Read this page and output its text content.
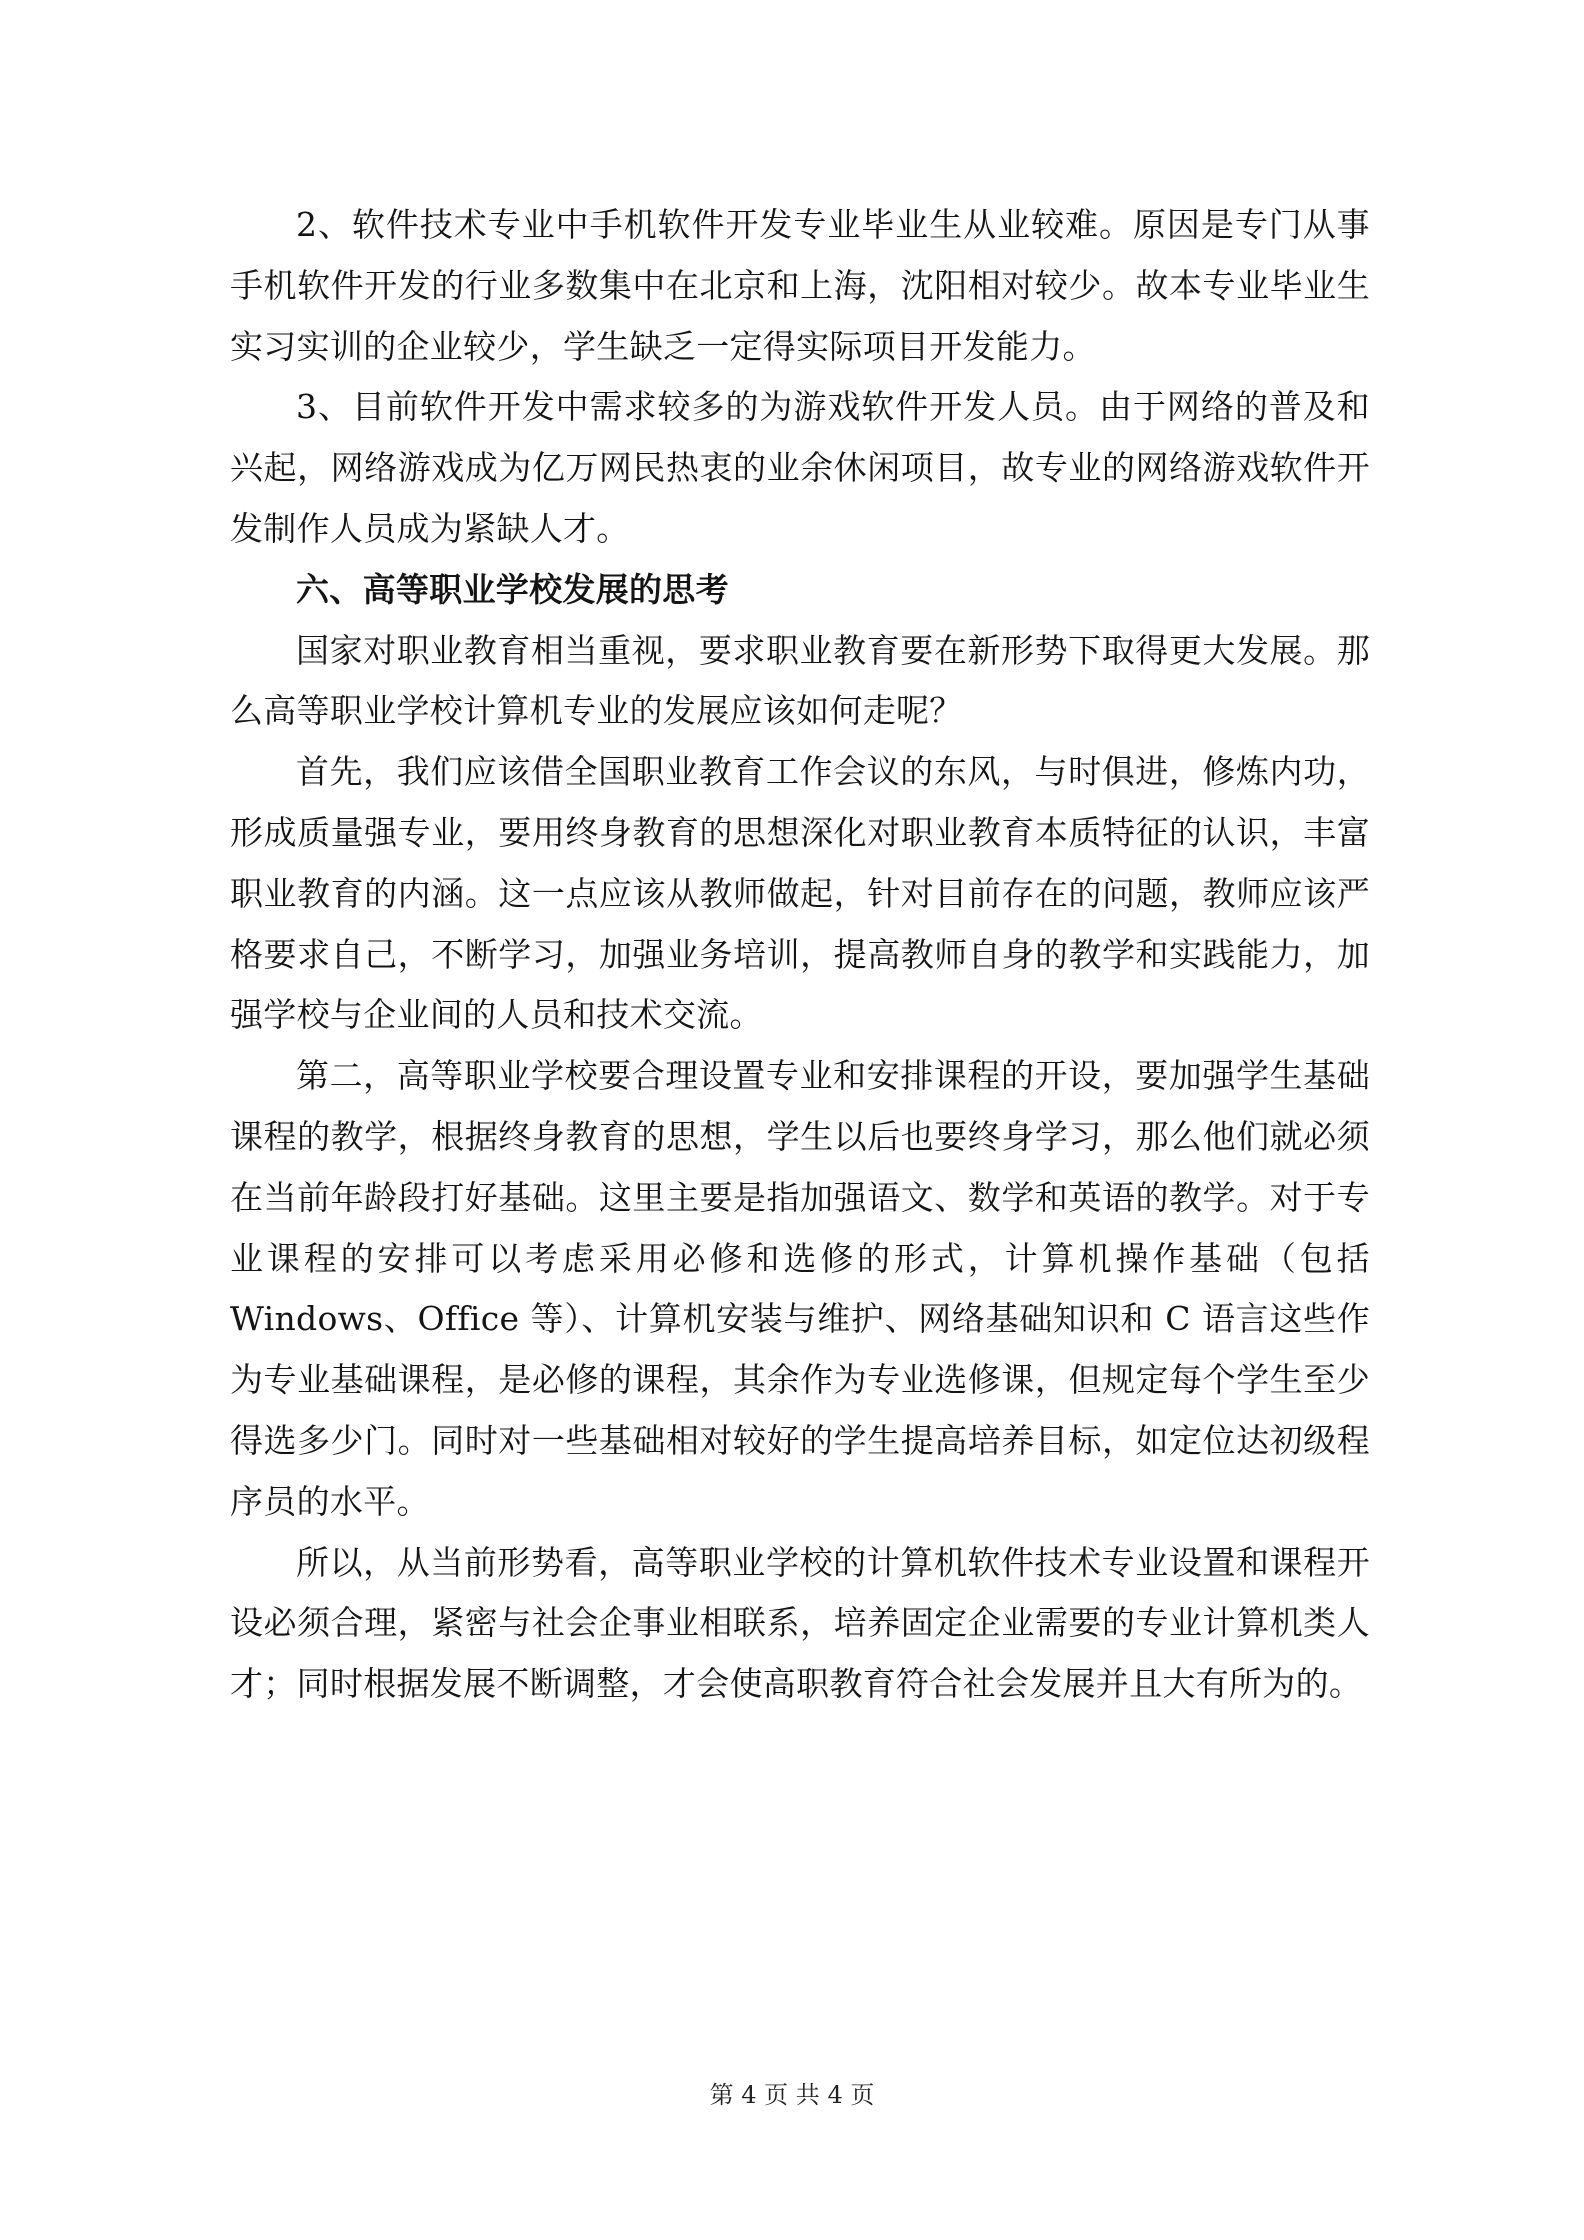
2、软件技术专业中手机软件开发专业毕业生从业较难。原因是专门从事手机软件开发的行业多数集中在北京和上海，沈阳相对较少。故本专业毕业生实习实训的企业较少，学生缺乏一定得实际项目开发能力。

3、目前软件开发中需求较多的为游戏软件开发人员。由于网络的普及和兴起，网络游戏成为亿万网民热衷的业余休闲项目，故专业的网络游戏软件开发制作人员成为紧缺人才。

六、高等职业学校发展的思考

国家对职业教育相当重视，要求职业教育要在新形势下取得更大发展。那么高等职业学校计算机专业的发展应该如何走呢？

首先，我们应该借全国职业教育工作会议的东风，与时俱进，修炼内功，形成质量强专业，要用终身教育的思想深化对职业教育本质特征的认识，丰富职业教育的内涵。这一点应该从教师做起，针对目前存在的问题，教师应该严格要求自己，不断学习，加强业务培训，提高教师自身的教学和实践能力，加强学校与企业间的人员和技术交流。

第二，高等职业学校要合理设置专业和安排课程的开设，要加强学生基础课程的教学，根据终身教育的思想，学生以后也要终身学习，那么他们就必须在当前年龄段打好基础。这里主要是指加强语文、数学和英语的教学。对于专业课程的安排可以考虑采用必修和选修的形式，计算机操作基础（包括 Windows、Office 等）、计算机安装与维护、网络基础知识和 C 语言这些作为专业基础课程，是必修的课程，其余作为专业选修课，但规定每个学生至少得选多少门。同时对一些基础相对较好的学生提高培养目标，如定位达初级程序员的水平。

所以，从当前形势看，高等职业学校的计算机软件技术专业设置和课程开设必须合理，紧密与社会企事业相联系，培养固定企业需要的专业计算机类人才；同时根据发展不断调整，才会使高职教育符合社会发展并且大有所为的。

第 4 页 共 4 页
